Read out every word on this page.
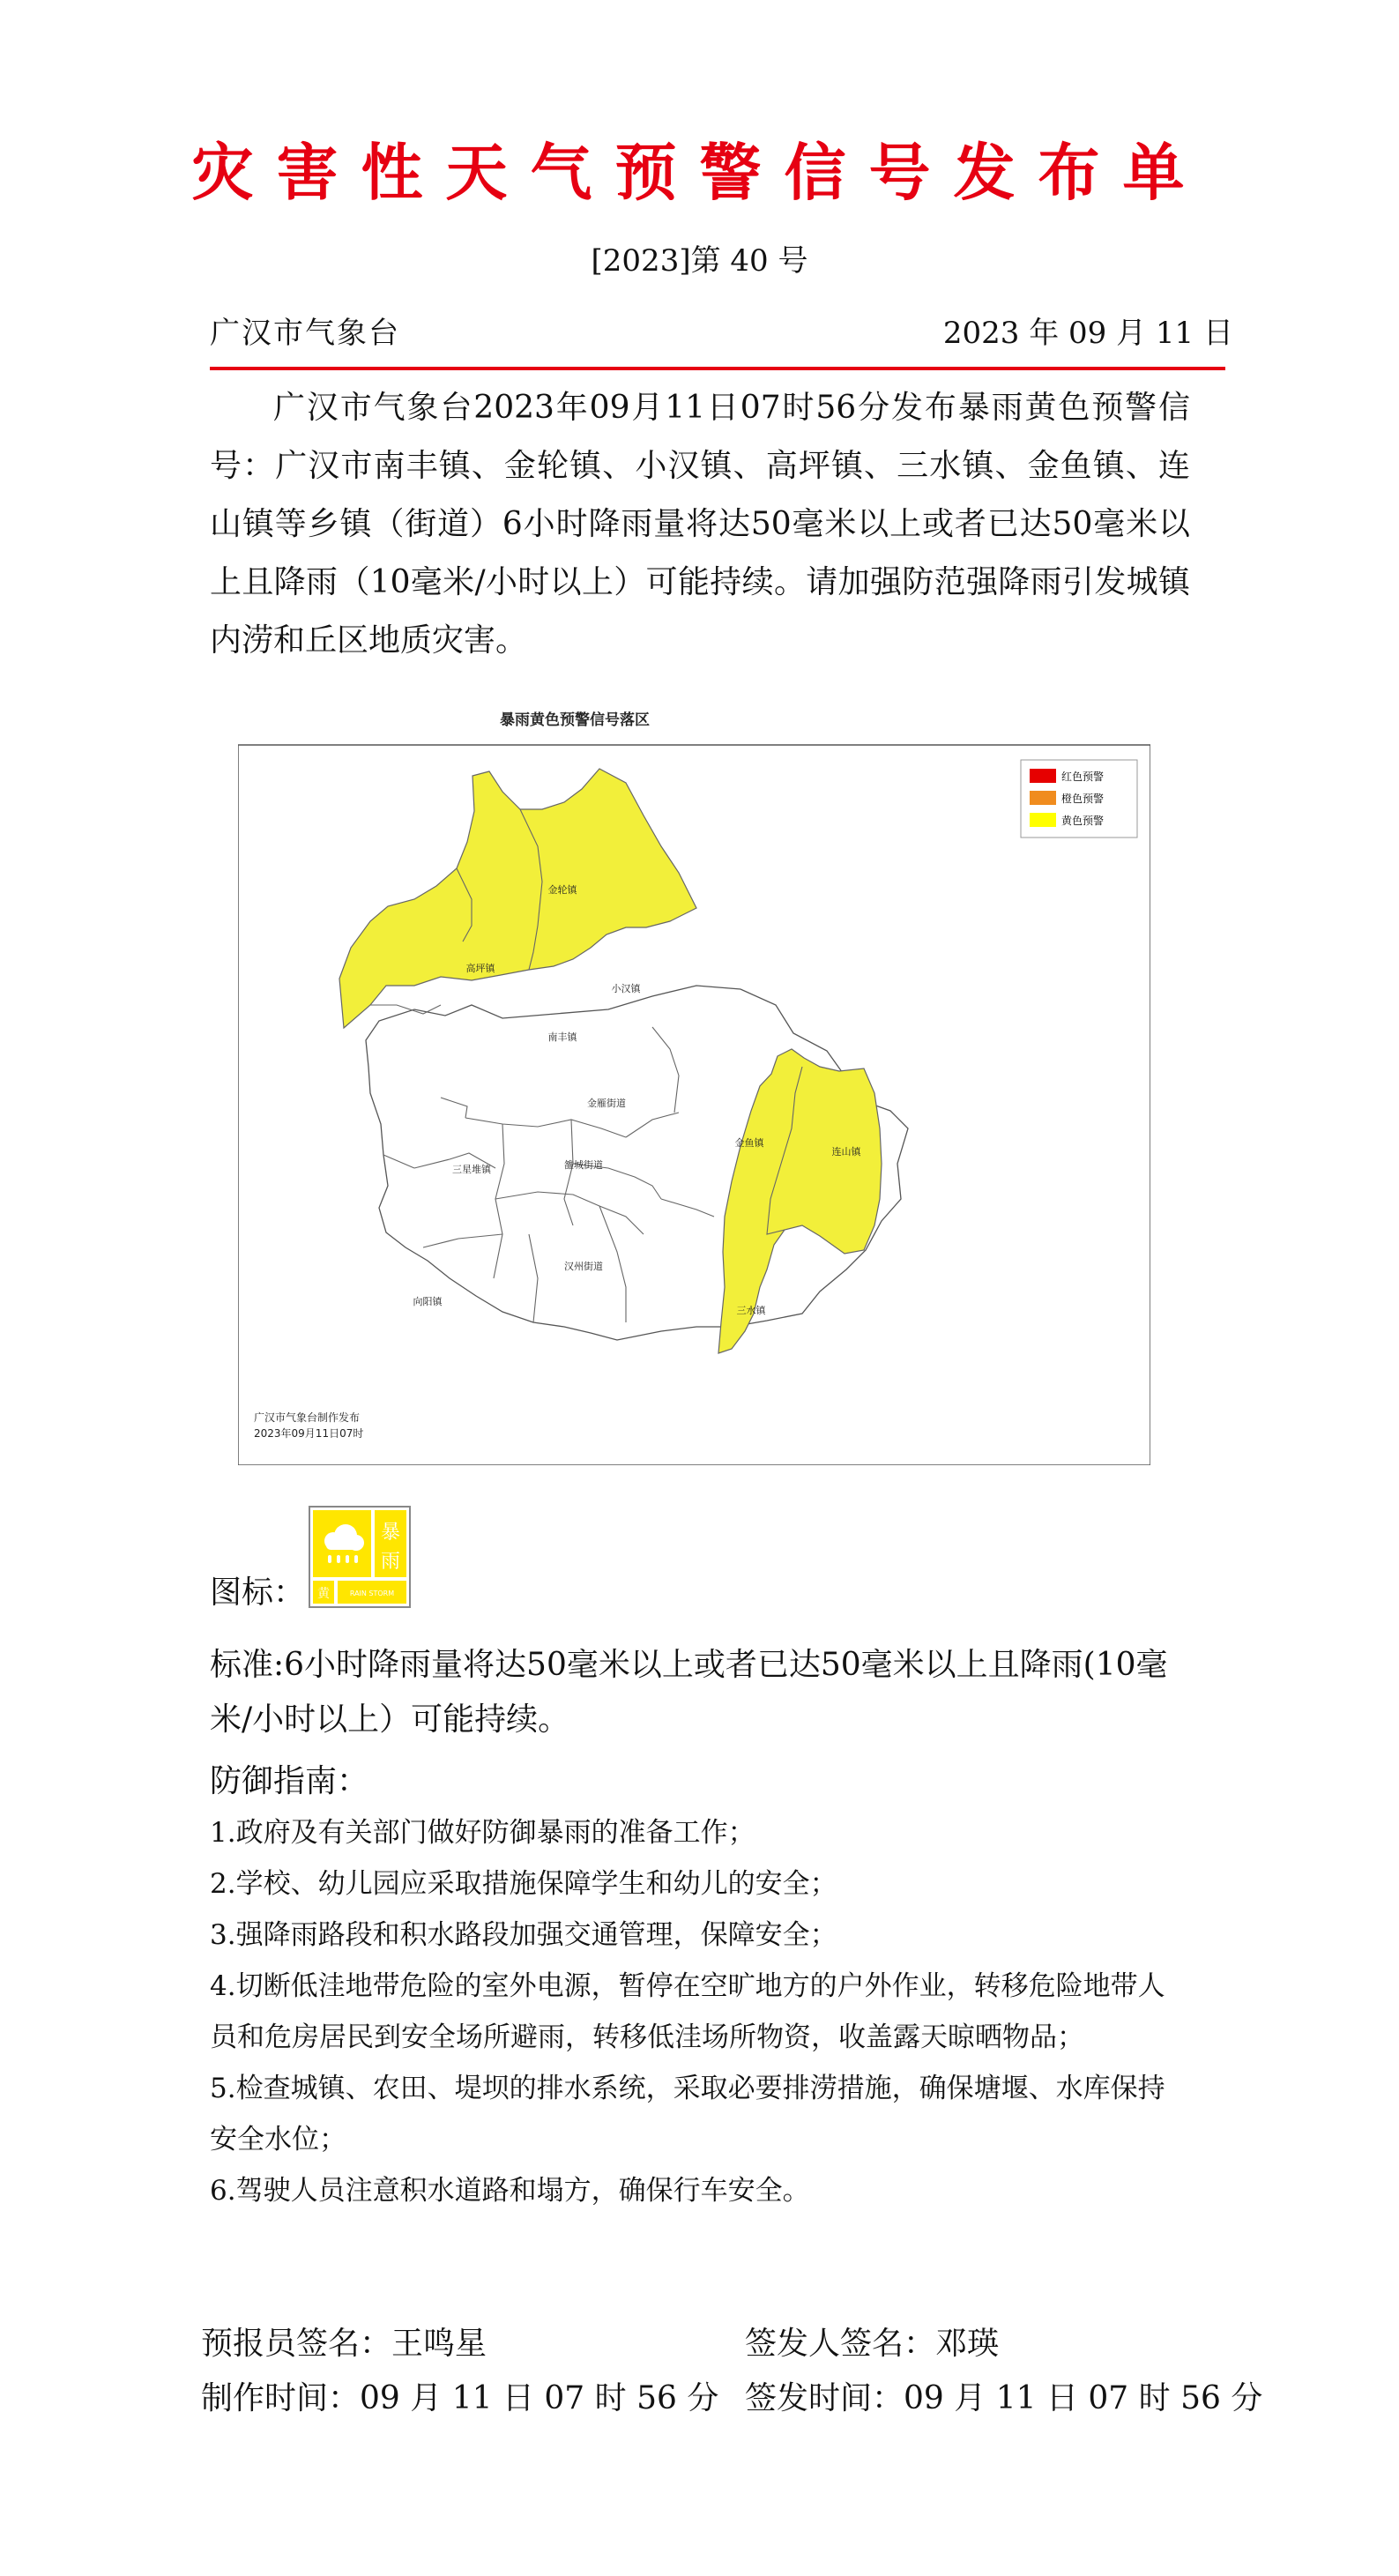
灾害性天气预警信号发布单
[2023]第 40 号
广汉市气象台	2023 年 09 月 11 日
广汉市气象台2023年09月11日07时56分发布暴雨黄色预警信号：广汉市南丰镇、金轮镇、小汉镇、高坪镇、三水镇、金鱼镇、连山镇等乡镇（街道）6小时降雨量将达50毫米以上或者已达50毫米以上且降雨（10毫米/小时以上）可能持续。请加强防范强降雨引发城镇内涝和丘区地质灾害。
暴雨黄色预警信号落区
红色预警
橙色预警
黄色预警
金轮镇
高坪镇
小汉镇
南丰镇
金鱼镇
连山镇
三星堆镇
金雁街道
雒城街道
汉州街道
向阳镇
三水镇
广汉市气象台制作发布
2023年09月11日07时
图标：
暴
雨
黄	RAIN STORM
标准:6小时降雨量将达50毫米以上或者已达50毫米以上且降雨(10毫米/小时以上）可能持续。
防御指南：
1.政府及有关部门做好防御暴雨的准备工作；
2.学校、幼儿园应采取措施保障学生和幼儿的安全；
3.强降雨路段和积水路段加强交通管理，保障安全；
4.切断低洼地带危险的室外电源，暂停在空旷地方的户外作业，转移危险地带人员和危房居民到安全场所避雨，转移低洼场所物资，收盖露天晾晒物品；
5.检查城镇、农田、堤坝的排水系统，采取必要排涝措施，确保塘堰、水库保持安全水位；
6.驾驶人员注意积水道路和塌方，确保行车安全。
预报员签名：王鸣星	签发人签名：邓瑛
制作时间：09 月 11 日 07 时 56 分 签发时间：09 月 11 日 07 时 56 分
